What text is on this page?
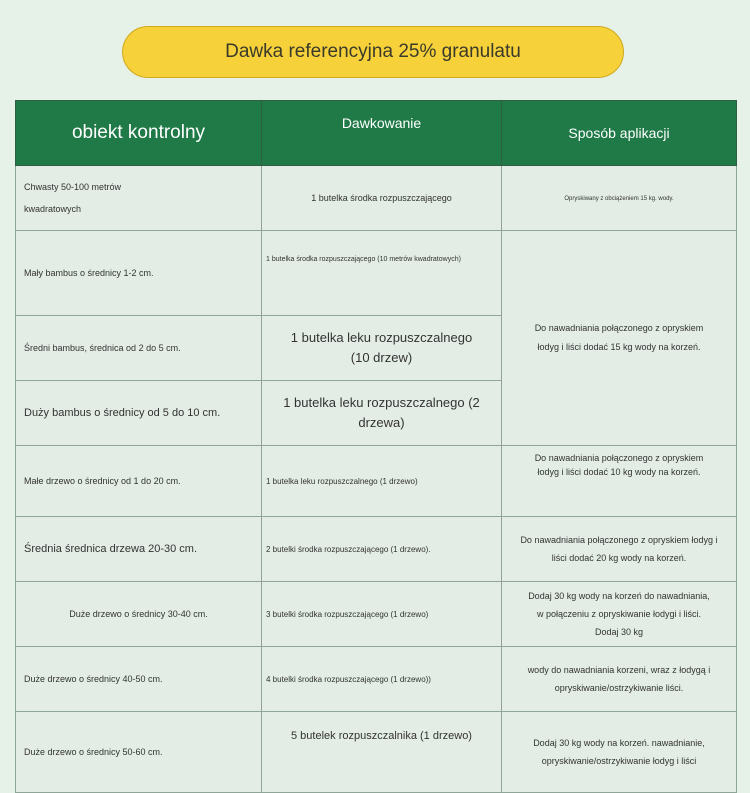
Dawka referencyjna 25% granulatu
obiekt kontrolny	Dawkowanie	Sposób aplikacji
Chwasty 50-100 metrów kwadratowych	1 butelka środka rozpuszczającego	Opryskiwany z obciążeniem 15 kg. wody.
Mały bambus o średnicy 1-2 cm.	1 butelka środka rozpuszczającego (10 metrów kwadratowych)	Do nawadniania połączonego z opryskiem łodyg i liści dodać 15 kg wody na korzeń.
Średni bambus, średnica od 2 do 5 cm.	1 butelka leku rozpuszczalnego (10 drzew)	
Duży bambus o średnicy od 5 do 10 cm.	1 butelka leku rozpuszczalnego (2 drzewa)	
Małe drzewo o średnicy od 1 do 20 cm.	1 butelka leku rozpuszczalnego (1 drzewo)	Do nawadniania połączonego z opryskiem łodyg i liści dodać 10 kg wody na korzeń.
Średnia średnica drzewa 20-30 cm.	2 butelki środka rozpuszczającego (1 drzewo).	Do nawadniania połączonego z opryskiem łodyg i liści dodać 20 kg wody na korzeń.
Duże drzewo o średnicy 30-40 cm.	3 butelki środka rozpuszczającego (1 drzewo)	Dodaj 30 kg wody na korzeń do nawadniania, w połączeniu z opryskiwanie łodygi i liści. Dodaj 30 kg
Duże drzewo o średnicy 40-50 cm.	4 butelki środka rozpuszczającego (1 drzewo))	wody do nawadniania korzeni, wraz z łodygą i opryskiwanie/ostrzykiwanie liści.
Duże drzewo o średnicy 50-60 cm.	5 butelek rozpuszczalnika (1 drzewo)	Dodaj 30 kg wody na korzeń. nawadnianie, opryskiwanie/ostrzykiwanie łodyg i liści
